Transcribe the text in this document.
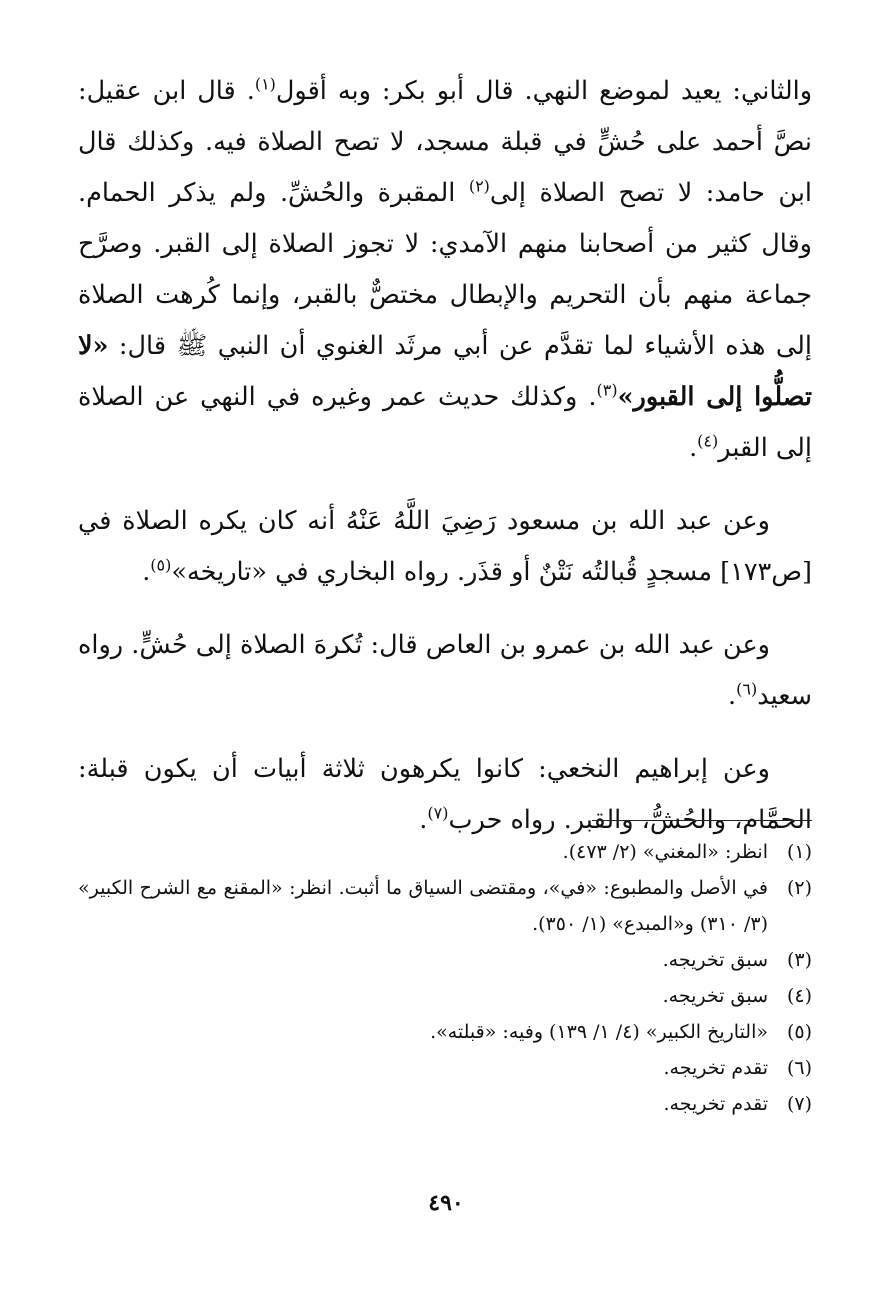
والثاني: يعيد لموضع النهي. قال أبو بكر: وبه أقول$^{(١)}$. قال ابن عقيل: نصَّ أحمد على حُشٍّ في قبلة مسجد، لا تصح الصلاة فيه. وكذلك قال ابن حامد: لا تصح الصلاة إلى$^{(٢)}$ المقبرة والحُشِّ. ولم يذكر الحمام. وقال كثير من أصحابنا منهم الآمدي: لا تجوز الصلاة إلى القبر. وصرَّح جماعة منهم بأن التحريم والإبطال مختصٌّ بالقبر، وإنما كُرهت الصلاة إلى هذه الأشياء لما تقدَّم عن أبي مرثَد الغنوي أن النبي ﷺ قال: «لا تصلُّوا إلى القبور»$^{(٣)}$. وكذلك حديث عمر وغيره في النهي عن الصلاة إلى القبر$^{(٤)}$.

وعن عبد الله بن مسعود رَضِيَ اللَّهُ عَنْهُ أنه كان يكره الصلاة في [ص١٧٣] مسجدٍ قُبالتُه نَتْنٌ أو قذَر. رواه البخاري في «تاريخه»$^{(٥)}$.

وعن عبد الله بن عمرو بن العاص قال: تُكرهَ الصلاة إلى حُشٍّ. رواه سعيد$^{(٦)}$.

وعن إبراهيم النخعي: كانوا يكرهون ثلاثة أبيات أن يكون قبلة: الحمَّام، والحُشُّ، والقبر. رواه حرب$^{(٧)}$.

(١)
انظر: «المغني» (٢/ ٤٧٣).
(٢)
في الأصل والمطبوع: «في»، ومقتضى السياق ما أثبت. انظر: «المقنع مع الشرح الكبير» (٣/ ٣١٠) و«المبدع» (١/ ٣٥٠).
(٣)
سبق تخريجه.
(٤)
سبق تخريجه.
(٥)
«التاريخ الكبير» (٤/ ١/ ١٣٩) وفيه: «قبلته».
(٦)
تقدم تخريجه.
(٧)
تقدم تخريجه.
٤٩٠
